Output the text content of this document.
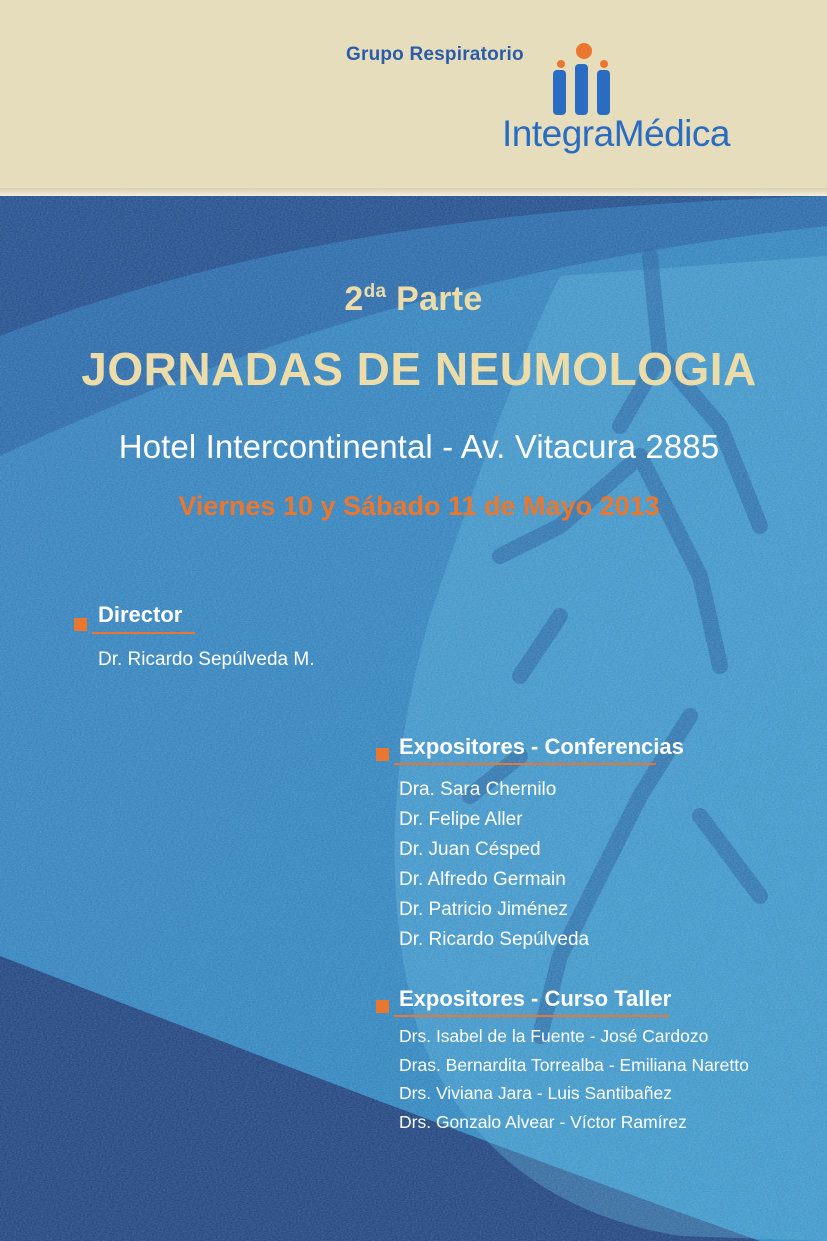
Grupo Respiratorio
IntegraMédica
$2^{da}$ Parte
JORNADAS DE NEUMOLOGIA
Hotel Intercontinental - Av. Vitacura 2885
Viernes 10 y Sábado 11 de Mayo 2013
Director
Dr. Ricardo Sepúlveda M.
Expositores - Conferencias
Dra. Sara Chernilo
Dr. Felipe Aller
Dr. Juan Césped
Dr. Alfredo Germain
Dr. Patricio Jiménez
Dr. Ricardo Sepúlveda
Expositores - Curso Taller
Drs. Isabel de la Fuente - José Cardozo
Dras. Bernardita Torrealba - Emiliana Naretto
Drs. Viviana Jara - Luis Santibañez
Drs. Gonzalo Alvear - Víctor Ramírez
